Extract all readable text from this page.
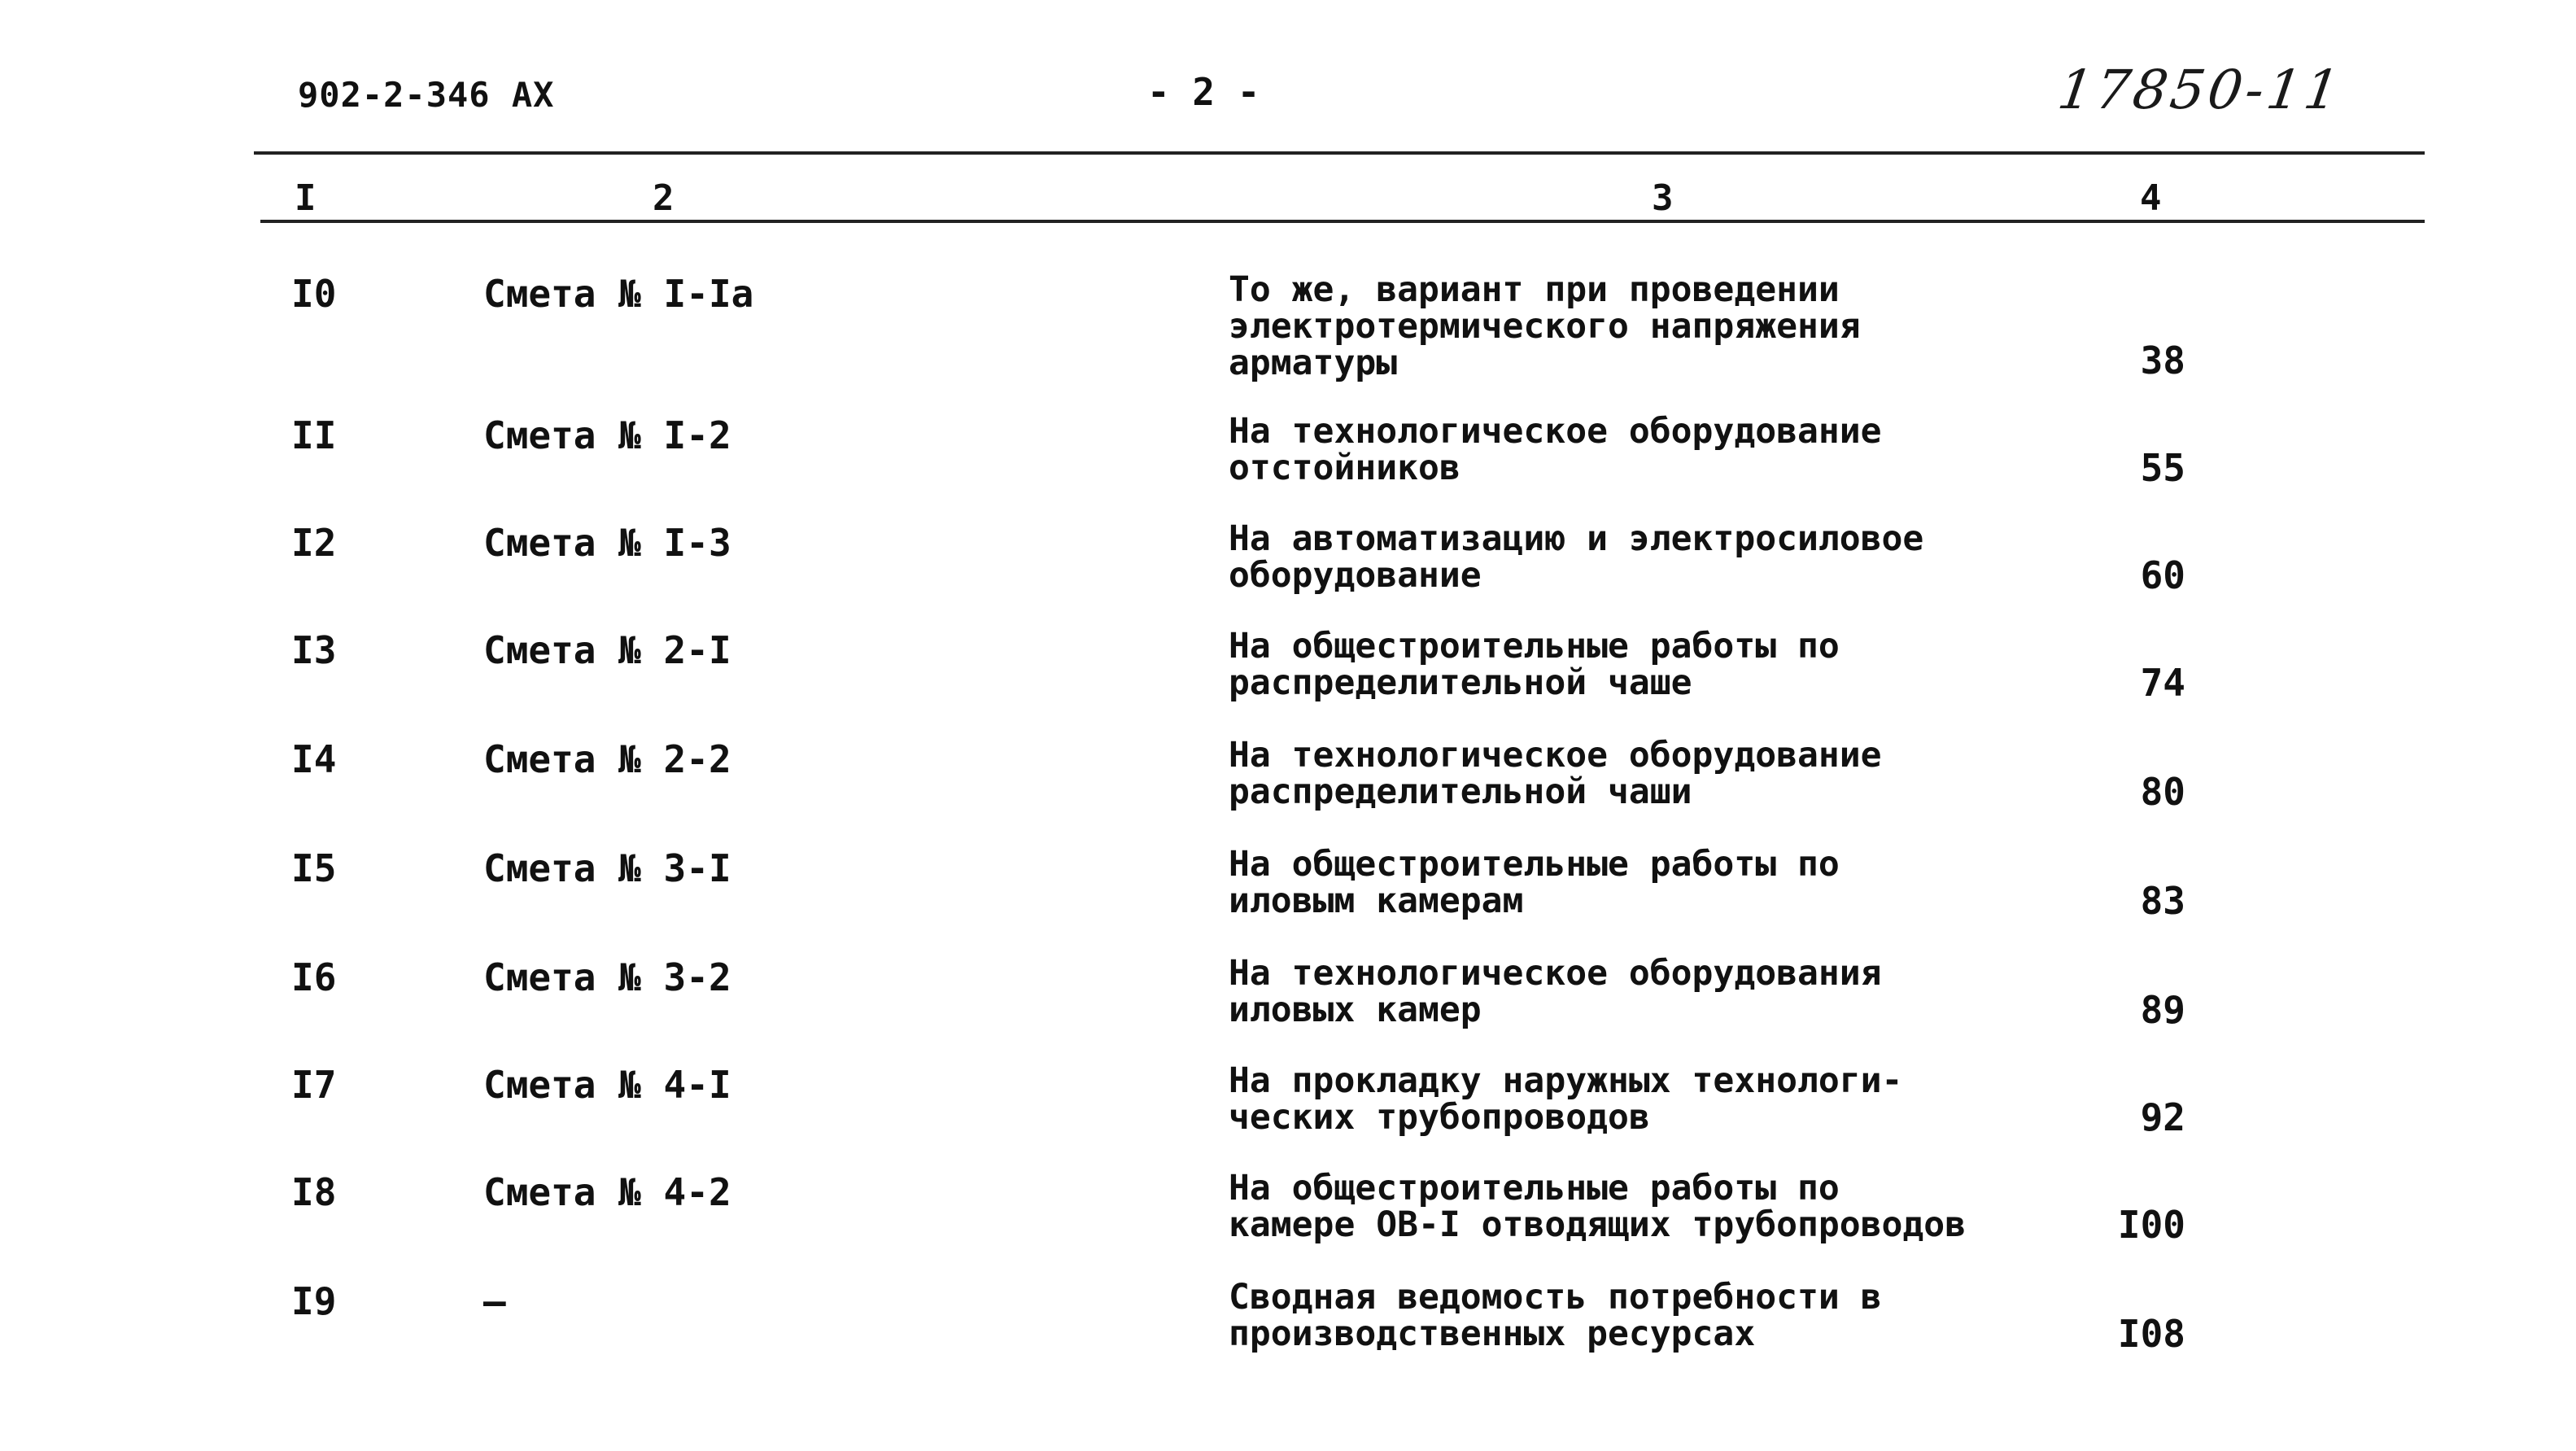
902-2-346 АХ	- 2 -	17850-11
I	2	3	4
I0	Смета № I-Iа	То же, вариант при проведении
электротермического напряжения
арматуры	38
II	Смета № I-2	На технологическое оборудование
отстойников	55
I2	Смета № I-3	На автоматизацию и электросиловое
оборудование	60
I3	Смета № 2-I	На общестроительные работы по
распределительной чаше	74
I4	Смета № 2-2	На технологическое оборудование
распределительной чаши	80
I5	Смета № 3-I	На общестроительные работы по
иловым камерам	83
I6	Смета № 3-2	На технологическое оборудования
иловых камер	89
I7	Смета № 4-I	На прокладку наружных технологи-
ческих трубопроводов	92
I8	Смета № 4-2	На общестроительные работы по
камере ОВ-I отводящих трубопроводов	I00
I9	–	Сводная ведомость потребности в
производственных ресурсах	I08
